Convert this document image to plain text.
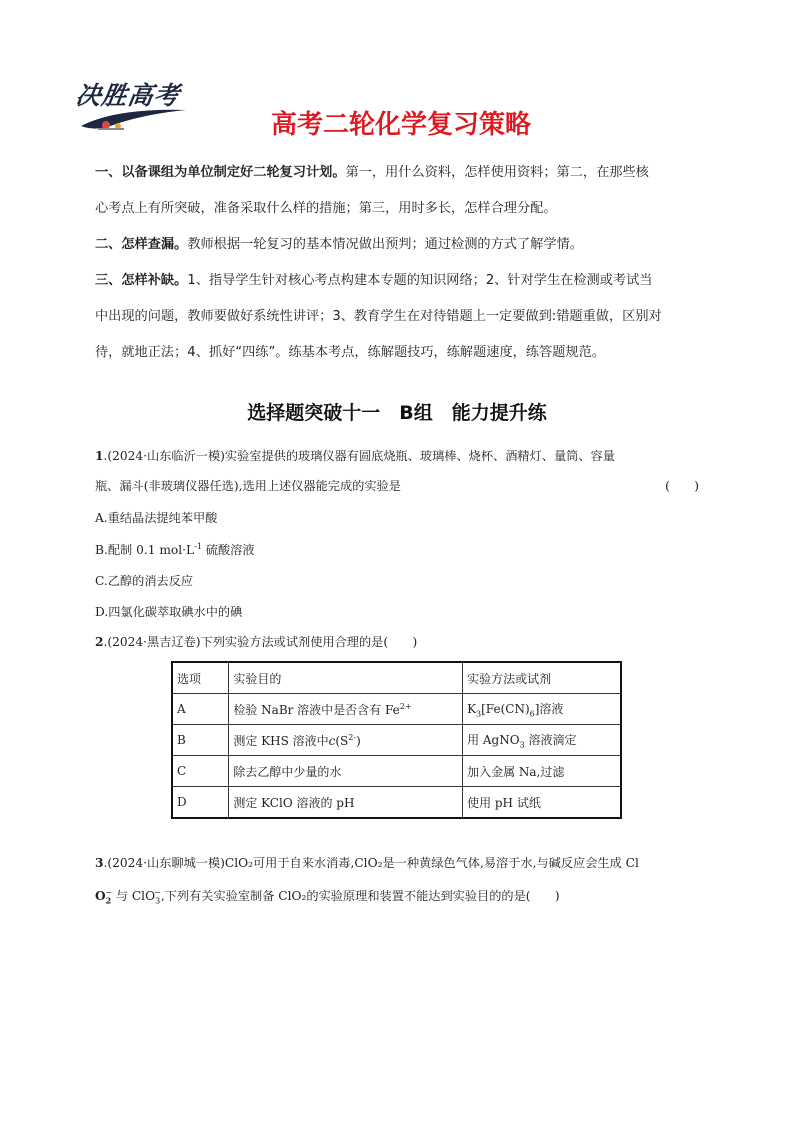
决胜高考
高考二轮化学复习策略
一、以备课组为单位制定好二轮复习计划。第一，用什么资料，怎样使用资料；第二，在那些核
心考点上有所突破，准备采取什么样的措施；第三，用时多长，怎样合理分配。
二、怎样查漏。教师根据一轮复习的基本情况做出预判；通过检测的方式了解学情。
三、怎样补缺。1、指导学生针对核心考点构建本专题的知识网络；2、针对学生在检测或考试当
中出现的问题，教师要做好系统性讲评；3、教育学生在对待错题上一定要做到:错题重做，区别对
待，就地正法；4、抓好“四练”。练基本考点，练解题技巧，练解题速度，练答题规范。
选择题突破十一　B组　能力提升练
1.(2024·山东临沂一模)实验室提供的玻璃仪器有圆底烧瓶、玻璃棒、烧杯、酒精灯、量筒、容量
瓶、漏斗(非玻璃仪器任选),选用上述仪器能完成的实验是	(　　)
A.重结晶法提纯苯甲酸
B.配制 0.1 $mol\cdot L^{-1}$ 硫酸溶液
C.乙醇的消去反应
D.四氯化碳萃取碘水中的碘
2.(2024·黑吉辽卷)下列实验方法或试剂使用合理的是(　　)
选项	实验目的	实验方法或试剂
A	检验 NaBr 溶液中是否含有 $Fe^{2+}$	$K_3[Fe(CN)_6]$溶液
B	测定 KHS 溶液中$c(S^{2-})$	用 AgNO$_3$ 溶液滴定
C	除去乙醇中少量的水	加入金属 Na,过滤
D	测定 KClO 溶液的 pH	使用 pH 试纸
3.(2024·山东聊城一模)ClO₂可用于自来水消毒,ClO₂是一种黄绿色气体,易溶于水,与碱反应会生成 Cl
$O_2^-$ 与 ClO$_3$−,下列有关实验室制备 ClO₂的实验原理和装置不能达到实验目的的是(　　)
